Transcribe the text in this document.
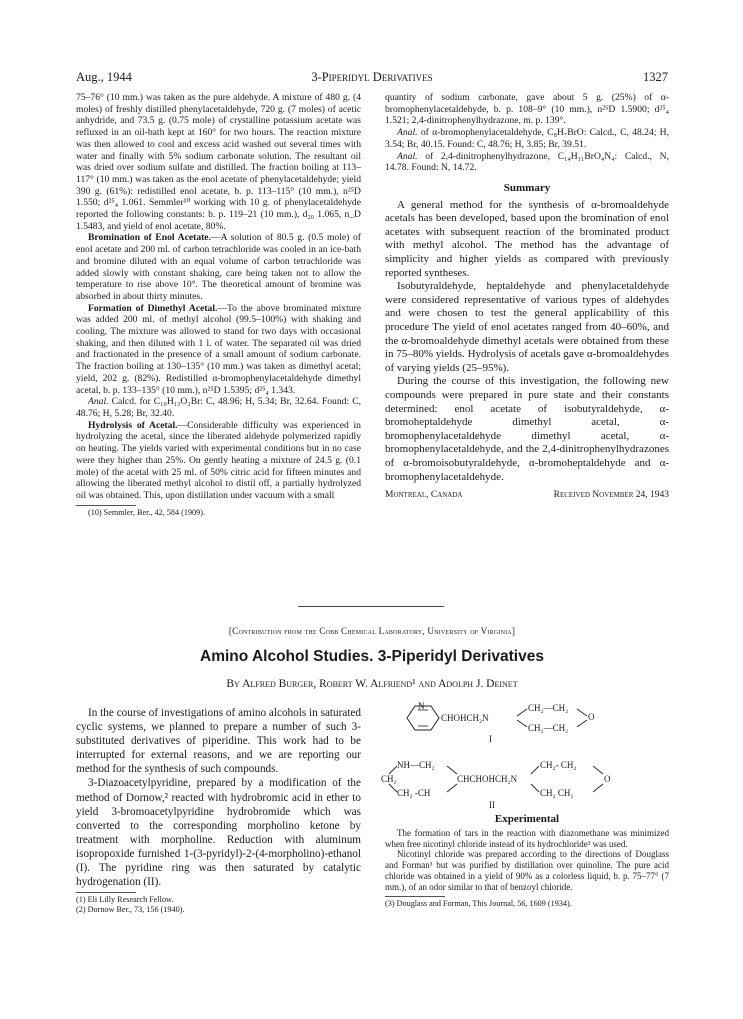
Aug., 1944	3-Piperidyl Derivatives	1327

75–76° (10 mm.) was taken as the pure aldehyde. A mixture of 480 g. (4 moles) of freshly distilled phenylacetaldehyde, 720 g. (7 moles) of acetic anhydride, and 73.5 g. (0.75 mole) of crystalline potassium acetate was refluxed in an oil-bath kept at 160° for two hours. The reaction mixture was then allowed to cool and excess acid washed out several times with water and finally with 5% sodium carbonate solution. The resultant oil was dried over sodium sulfate and distilled. The fraction boiling at 113–117° (10 mm.) was taken as the enol acetate of phenylacetaldehyde; yield 390 g. (61%): redistilled enol acetate, b. p. 113–115° (10 mm.), n²⁵D 1.550; d²⁵₄ 1.061. Semmler¹⁰ working with 10 g. of phenylacetaldehyde reported the following constants: b. p. 119–21 (10 mm.), d₂₀ 1.065, n_D 1.5483, and yield of enol acetate, 80%.

Bromination of Enol Acetate.—A solution of 80.5 g. (0.5 mole) of enol acetate and 200 ml. of carbon tetrachloride was cooled in an ice-bath and bromine diluted with an equal volume of carbon tetrachloride was added slowly with constant shaking, care being taken not to allow the temperature to rise above 10°. The theoretical amount of bromine was absorbed in about thirty minutes.

Formation of Dimethyl Acetal.—To the above brominated mixture was added 200 ml. of methyl alcohol (99.5–100%) with shaking and cooling. The mixture was allowed to stand for two days with occasional shaking, and then diluted with 1 l. of water. The separated oil was dried and fractionated in the presence of a small amount of sodium carbonate. The fraction boiling at 130–135° (10 mm.) was taken as dimethyl acetal; yield, 202 g. (82%). Redistilled α-bromophenylacetaldehyde dimethyl acetal, b. p. 133–135° (10 mm.), n²⁵D 1.5395; d²⁵₄ 1.343.

Anal. Calcd. for C₁₀H₁₃O₂Br: C, 48.96; H, 5.34; Br, 32.64. Found: C, 48.76; H, 5.28; Br, 32.40.

Hydrolysis of Acetal.—Considerable difficulty was experienced in hydrolyzing the acetal, since the liberated aldehyde polymerized rapidly on heating. The yields varied with experimental conditions but in no case were they higher than 25%. On gently heating a mixture of 24.5 g. (0.1 mole) of the acetal with 25 ml. of 50% citric acid for fifteen minutes and allowing the liberated methyl alcohol to distil off, a partially hydrolyzed oil was obtained. This, upon distillation under vacuum with a small

(10) Semmler, Ber., 42, 584 (1909).

quantity of sodium carbonate, gave about 5 g. (25%) of α-bromophenylacetaldehyde, b. p. 108–9° (10 mm.), n²⁵D 1.5900; d²⁵₄ 1.521; 2,4-dinitrophenylhydrazone, m. p. 139°.

Anal. of α-bromophenylacetaldehyde, C₈H₇BrO: Calcd., C, 48.24; H, 3.54; Br, 40.15. Found: C, 48.76; H, 3.85; Br, 39.51.

Anal. of 2,4-dinitrophenylhydrazone, C₁₄H₁₁BrO₄N₄: Calcd., N, 14.78. Found: N, 14.72.

Summary

A general method for the synthesis of α-bromoaldehyde acetals has been developed, based upon the bromination of enol acetates with subsequent reaction of the brominated product with methyl alcohol. The method has the advantage of simplicity and higher yields as compared with previously reported syntheses.

Isobutyraldehyde, heptaldehyde and phenylacetaldehyde were considered representative of various types of aldehydes and were chosen to test the general applicability of this procedure The yield of enol acetates ranged from 40–60%, and the α-bromoaldehyde dimethyl acetals were obtained from these in 75–80% yields. Hydrolysis of acetals gave α-bromoaldehydes of varying yields (25–95%).

During the course of this investigation, the following new compounds were prepared in pure state and their constants determined: enol acetate of isobutyraldehyde, α-bromoheptaldehyde dimethyl acetal, α-bromophenylacetaldehyde dimethyl acetal, α-bromophenylacetaldehyde, and the 2,4-dinitrophenylhydrazones of α-bromoisobutyraldehyde, α-bromoheptaldehyde and α-bromophenylacetaldehyde.

Montreal, Canada	Received November 24, 1943
[Contribution from the Cobb Chemical Laboratory, University of Virginia]
Amino Alcohol Studies. 3-Piperidyl Derivatives
By Alfred Burger, Robert W. Alfriend¹ and Adolph J. Deinet

In the course of investigations of amino alcohols in saturated cyclic systems, we planned to prepare a number of such 3-substituted derivatives of piperidine. This work had to be interrupted for external reasons, and we are reporting our method for the synthesis of such compounds.

3-Diazoacetylpyridine, prepared by a modification of the method of Dornow,² reacted with hydrobromic acid in ether to yield 3-bromoacetylpyridine hydrobromide which was converted to the corresponding morpholino ketone by treatment with morpholine. Reduction with aluminum isopropoxide furnished 1-(3-pyridyl)-2-(4-morpholino)-ethanol (I). The pyridine ring was then saturated by catalytic hydrogenation (II).

(1) Eli Lilly Research Fellow.

(2) Dornow Ber., 73, 156 (1940).

N
CHOHCH₂N
CH₂—CH₂
CH₂—CH₂
O
I
NH—CH₂
CH₂
CH₂ -CH
CHCHOHCH₂N
CH₂- CH₂
CH₂ CH₂
O
II
Experimental

The formation of tars in the reaction with diazomethane was minimized when free nicotinyl chloride instead of its hydrochloride³ was used.

Nicotinyl chloride was prepared according to the directions of Douglass and Forman³ but was purified by distillation over quinoline. The pure acid chloride was obtained in a yield of 90% as a colorless liquid, b. p. 75–77° (7 mm.), of an odor similar to that of benzoyl chloride.

(3) Douglass and Forman, This Journal, 56, 1609 (1934).
